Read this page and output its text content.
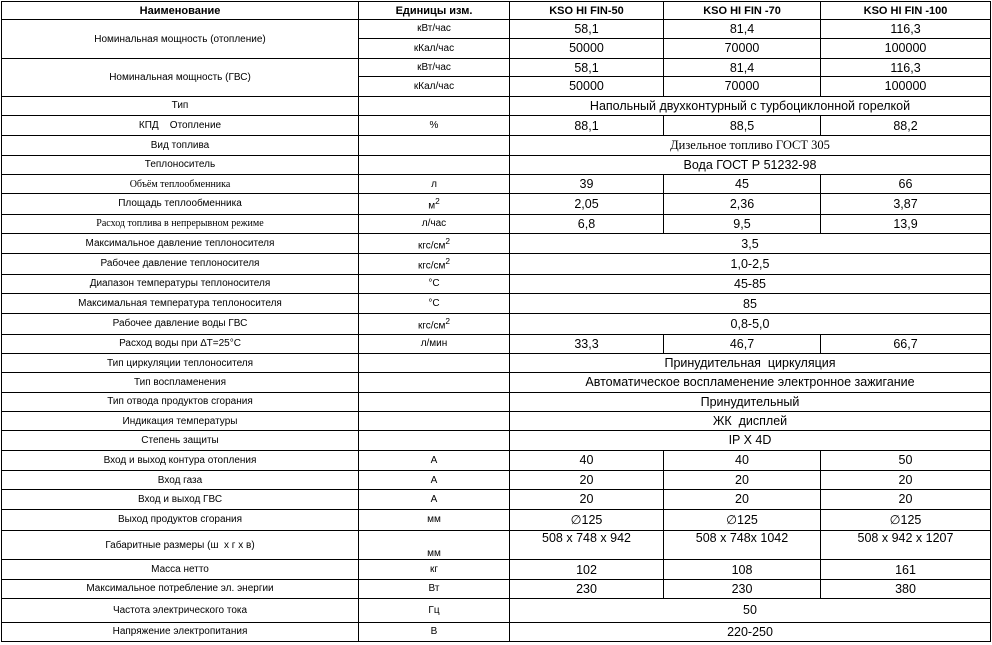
Наименование	Единицы изм.	KSO HI FIN-50	KSO HI FIN -70	KSO HI FIN -100
Номинальная мощность (отопление)	кВт/час	58,1	81,4	116,3
	кКал/час	50000	70000	100000
Номинальная мощность (ГВС)	кВт/час	58,1	81,4	116,3
	кКал/час	50000	70000	100000
Тип		Напольный двухконтурный с турбоциклонной горелкой		
КПД    Отопление	%	88,1	88,5	88,2
Вид топлива		Дизельное топливо ГОСТ 305		
Теплоноситель		Вода ГОСТ Р 51232-98		
Объём теплообменника	л	39	45	66
Площадь теплообменника	$м^2$	2,05	2,36	3,87
Расход топлива в непрерывном режиме	л/час	6,8	9,5	13,9
Максимальное давление теплоносителя	кгс/$см^2$	3,5		
Рабочее давление теплоносителя	кгс/$см^2$	1,0-2,5		
Диапазон температуры теплоносителя	°С	45-85		
Максимальная температура теплоносителя	°С	85		
Рабочее давление воды ГВС	кгс/$см^2$	0,8-5,0		
Расход воды при ∆T=25°С	л/мин	33,3	46,7	66,7
Тип циркуляции теплоносителя		Принудительная  циркуляция		
Тип воспламенения		Автоматическое воспламенение электронное зажигание		
Тип отвода продуктов сгорания		Принудительный		
Индикация температуры		ЖК  дисплей		
Степень защиты		IP X 4D		
Вход и выход контура отопления	А	40	40	50
Вход газа	А	20	20	20
Вход и выход ГВС	А	20	20	20
Выход продуктов сгорания	мм	∅125	∅125	∅125
Габаритные размеры (ш  х г х в)	мм	508 x 748 x 942	508 x 748x 1042	508 x 942 x 1207
Масса нетто	кг	102	108	161
Максимальное потребление эл. энергии	Вт	230	230	380
Частота электрического тока	Гц	50		
Напряжение электропитания	В	220-250		
